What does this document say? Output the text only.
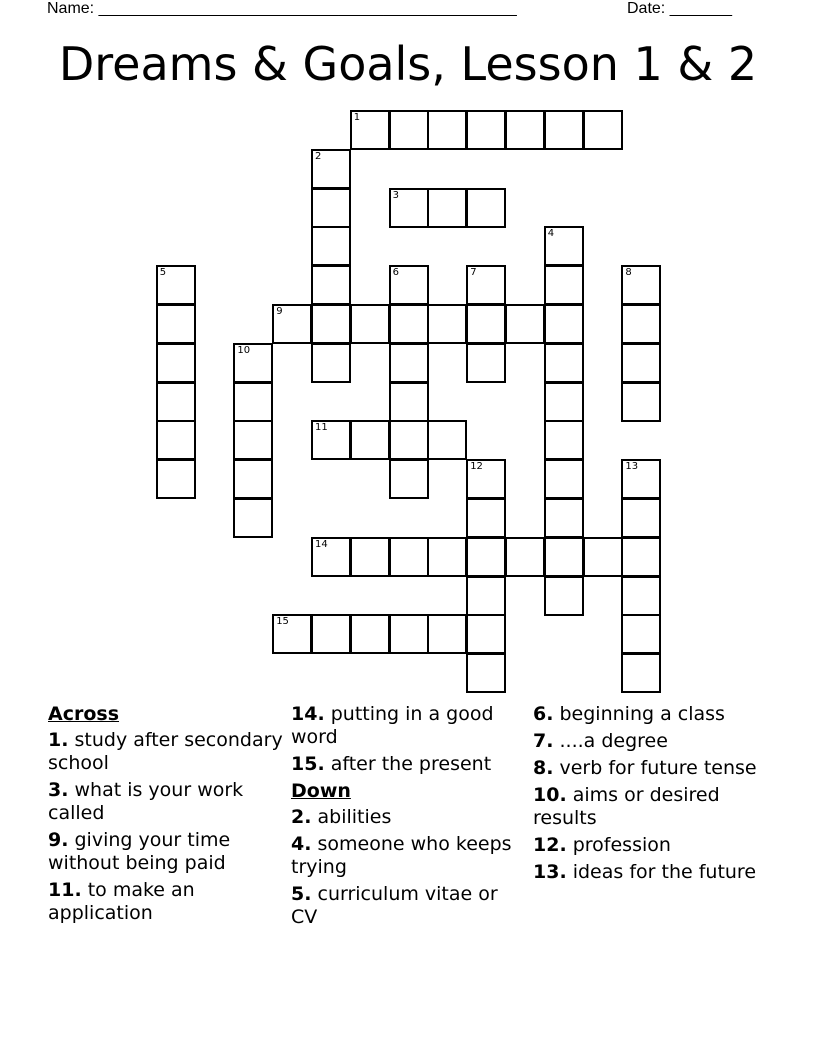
Name: _______________________________________________	Date: _______
Dreams & Goals, Lesson 1 & 2
1
2
3
4
5	6	7	8
9
10
11
12	13
14
15
Across
1. study after secondary school
3. what is your work called
9. giving your time without being paid
11. to make an application
14. putting in a good word
15. after the present
Down
2. abilities
4. someone who keeps trying
5. curriculum vitae or CV
6. beginning a class
7. ....a degree
8. verb for future tense
10. aims or desired results
12. profession
13. ideas for the future
